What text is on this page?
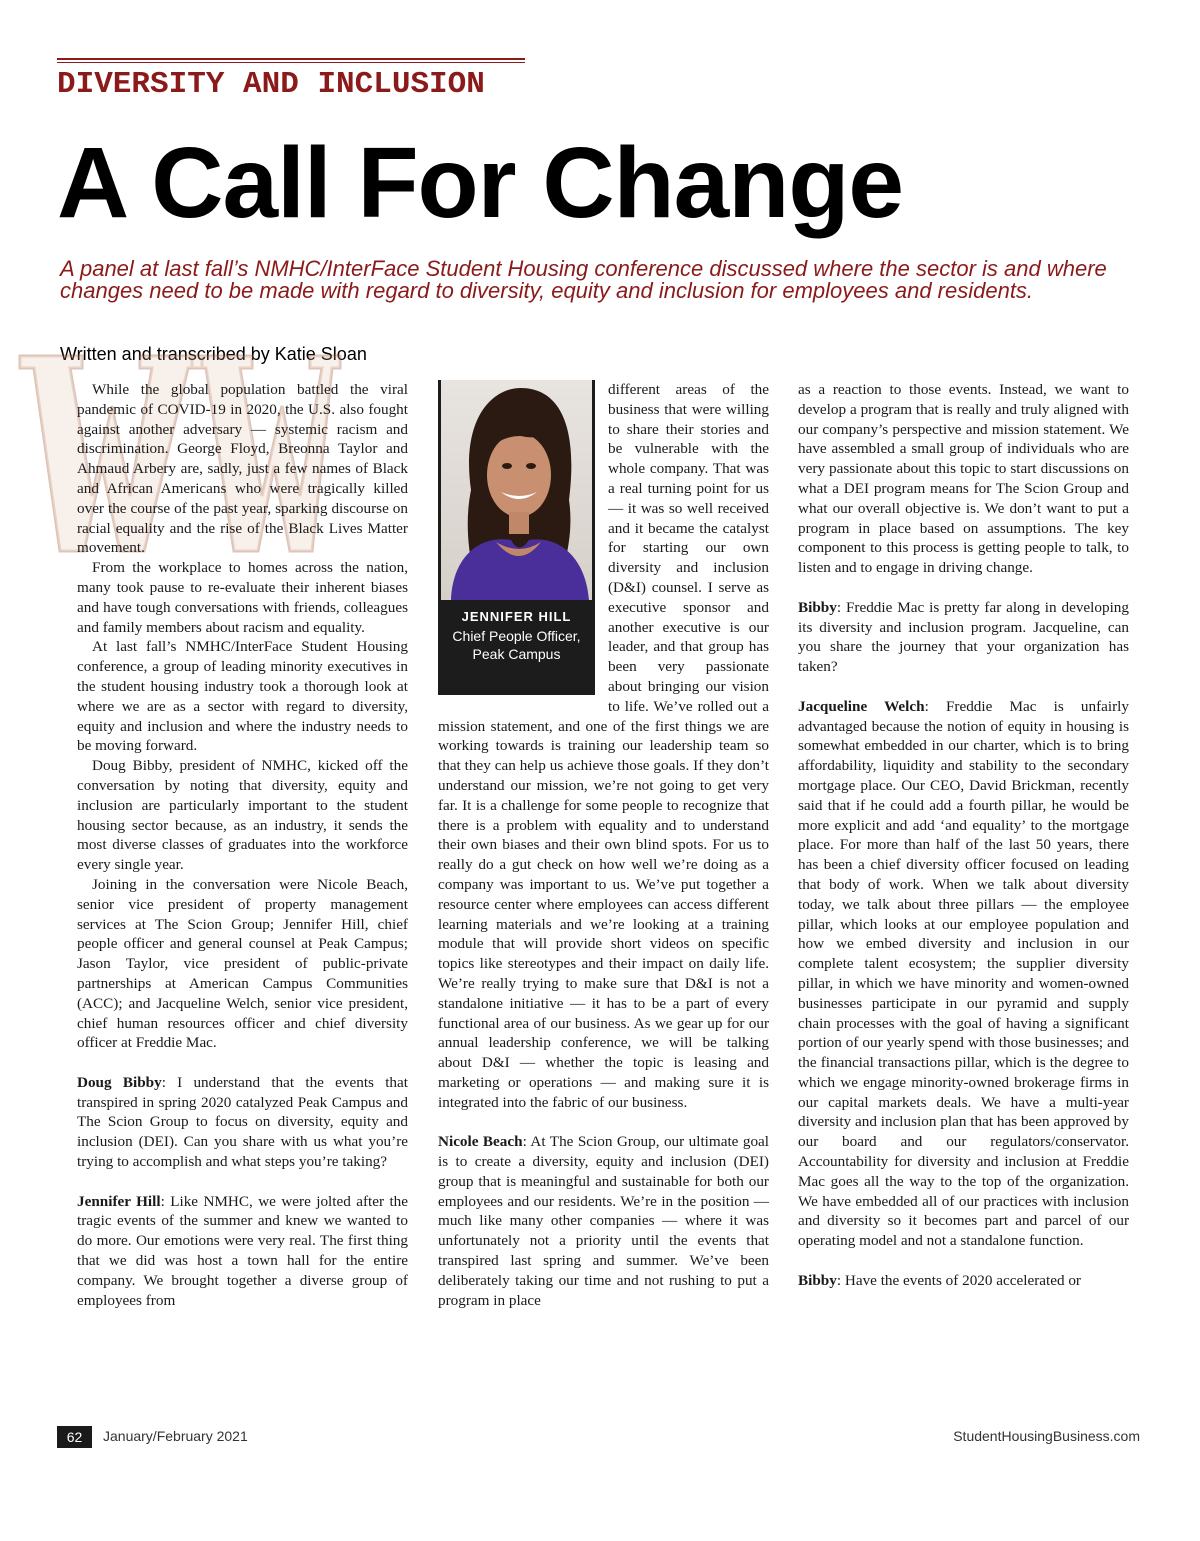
DIVERSITY AND INCLUSION
A Call For Change
A panel at last fall’s NMHC/InterFace Student Housing conference discussed where the sector is and where changes need to be made with regard to diversity, equity and inclusion for employees and residents.
Written and transcribed by Katie Sloan

While the global population battled the viral pandemic of COVID-19 in 2020, the U.S. also fought against another adversary — systemic racism and discrimination. George Floyd, Breonna Taylor and Ahmaud Arbery are, sadly, just a few names of Black and African Americans who were tragically killed over the course of the past year, sparking discourse on racial equality and the rise of the Black Lives Matter movement.

From the workplace to homes across the nation, many took pause to re-evaluate their inherent biases and have tough conversations with friends, colleagues and family members about racism and equality.

At last fall’s NMHC/InterFace Student Housing conference, a group of leading minority executives in the student housing industry took a thorough look at where we are as a sector with regard to diversity, equity and inclusion and where the industry needs to be moving forward.

Doug Bibby, president of NMHC, kicked off the conversation by noting that diversity, equity and inclusion are particularly important to the student housing sector because, as an industry, it sends the most diverse classes of graduates into the workforce every single year.

Joining in the conversation were Nicole Beach, senior vice president of property management services at The Scion Group; Jennifer Hill, chief people officer and general counsel at Peak Campus; Jason Taylor, vice president of public-private partnerships at American Campus Communities (ACC); and Jacqueline Welch, senior vice president, chief human resources officer and chief diversity officer at Freddie Mac.

Doug Bibby: I understand that the events that transpired in spring 2020 catalyzed Peak Campus and The Scion Group to focus on diversity, equity and inclusion (DEI). Can you share with us what you’re trying to accomplish and what steps you’re taking?

Jennifer Hill: Like NMHC, we were jolted after the tragic events of the summer and knew we wanted to do more. Our emotions were very real. The first thing that we did was host a town hall for the entire company. We brought together a diverse group of employees from

JENNIFER HILL
Chief People Officer, Peak Campus

different areas of the business that were willing to share their stories and be vulnerable with the whole company. That was a real turning point for us — it was so well received and it became the catalyst for starting our own diversity and inclusion (D&I) counsel. I serve as executive sponsor and another executive is our leader, and that group has been very passionate about bringing our vision to life. We’ve rolled out a mission statement, and one of the first things we are working towards is training our leadership team so that they can help us achieve those goals. If they don’t understand our mission, we’re not going to get very far. It is a challenge for some people to recognize that there is a problem with equality and to understand their own biases and their own blind spots. For us to really do a gut check on how well we’re doing as a company was important to us. We’ve put together a resource center where employees can access different learning materials and we’re looking at a training module that will provide short videos on specific topics like stereotypes and their impact on daily life. We’re really trying to make sure that D&I is not a standalone initiative — it has to be a part of every functional area of our business. As we gear up for our annual leadership conference, we will be talking about D&I — whether the topic is leasing and marketing or operations — and making sure it is integrated into the fabric of our business.

Nicole Beach: At The Scion Group, our ultimate goal is to create a diversity, equity and inclusion (DEI) group that is meaningful and sustainable for both our employees and our residents. We’re in the position — much like many other companies — where it was unfortunately not a priority until the events that transpired last spring and summer. We’ve been deliberately taking our time and not rushing to put a program in place

as a reaction to those events. Instead, we want to develop a program that is really and truly aligned with our company’s perspective and mission statement. We have assembled a small group of individuals who are very passionate about this topic to start discussions on what a DEI program means for The Scion Group and what our overall objective is. We don’t want to put a program in place based on assumptions. The key component to this process is getting people to talk, to listen and to engage in driving change.

Bibby: Freddie Mac is pretty far along in developing its diversity and inclusion program. Jacqueline, can you share the journey that your organization has taken?

Jacqueline Welch: Freddie Mac is unfairly advantaged because the notion of equity in housing is somewhat embedded in our charter, which is to bring affordability, liquidity and stability to the secondary mortgage place. Our CEO, David Brickman, recently said that if he could add a fourth pillar, he would be more explicit and add ‘and equality’ to the mortgage place. For more than half of the last 50 years, there has been a chief diversity officer focused on leading that body of work. When we talk about diversity today, we talk about three pillars — the employee pillar, which looks at our employee population and how we embed diversity and inclusion in our complete talent ecosystem; the supplier diversity pillar, in which we have minority and women-owned businesses participate in our pyramid and supply chain processes with the goal of having a significant portion of our yearly spend with those businesses; and the financial transactions pillar, which is the degree to which we engage minority-owned brokerage firms in our capital markets deals. We have a multi-year diversity and inclusion plan that has been approved by our board and our regulators/conservator. Accountability for diversity and inclusion at Freddie Mac goes all the way to the top of the organization. We have embedded all of our practices with inclusion and diversity so it becomes part and parcel of our operating model and not a standalone function.

Bibby: Have the events of 2020 accelerated or

62	January/February 2021	StudentHousingBusiness.com
